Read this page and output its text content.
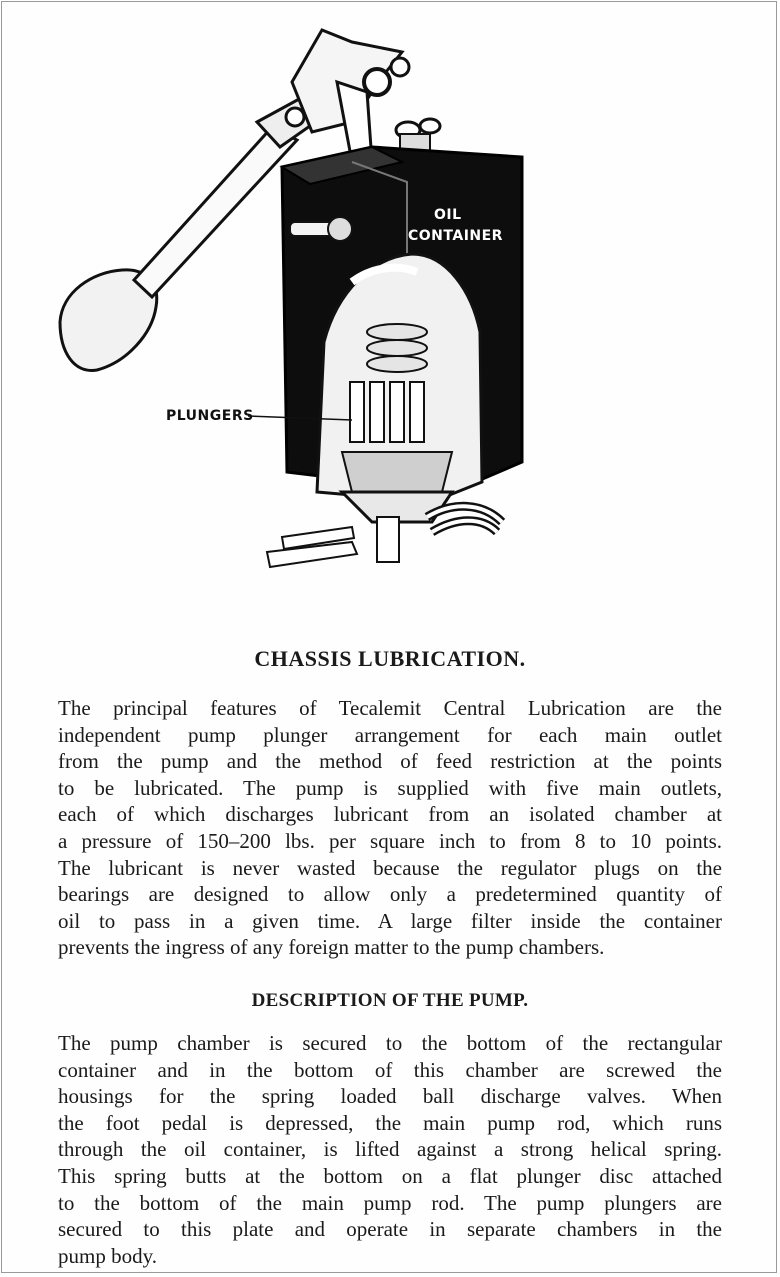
OIL
CONTAINER
PLUNGERS
CHASSIS LUBRICATION.

The principal features of Tecalemit Central Lubrication are the
independent pump plunger arrangement for each main outlet
from the pump and the method of feed restriction at the points
to be lubricated. The pump is supplied with five main outlets,
each of which discharges lubricant from an isolated chamber at
a pressure of 150–200 lbs. per square inch to from 8 to 10 points.
The lubricant is never wasted because the regulator plugs on the
bearings are designed to allow only a predetermined quantity of
oil to pass in a given time. A large filter inside the container
prevents the ingress of any foreign matter to the pump chambers.

DESCRIPTION OF THE PUMP.

The pump chamber is secured to the bottom of the rectangular
container and in the bottom of this chamber are screwed the
housings for the spring loaded ball discharge valves. When
the foot pedal is depressed, the main pump rod, which runs
through the oil container, is lifted against a strong helical spring.
This spring butts at the bottom on a flat plunger disc attached
to the bottom of the main pump rod. The pump plungers are
secured to this plate and operate in separate chambers in the
pump body.
